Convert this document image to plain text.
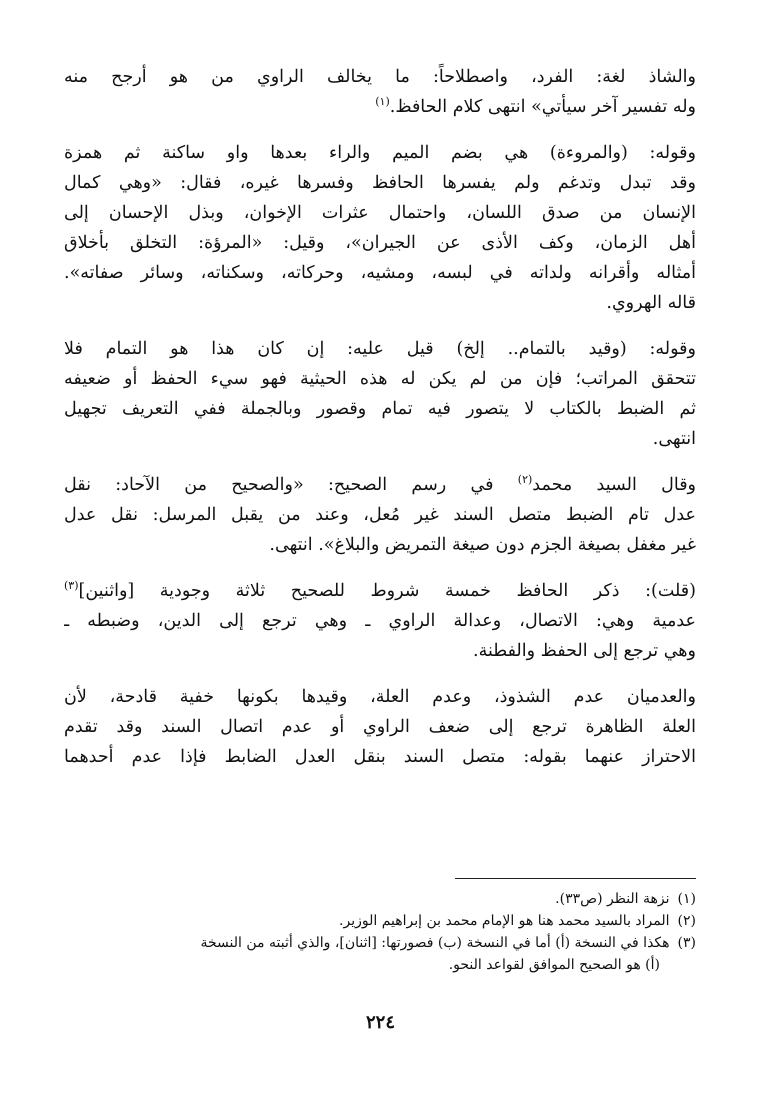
والشاذ لغة: الفرد، واصطلاحاً: ما يخالف الراوي من هو أرجح منه
وله تفسير آخر سيأتي» انتهى كلام الحافظ.$^{(١)}$

وقوله: (والمروءة) هي بضم الميم والراء بعدها واو ساكنة ثم همزة
وقد تبدل وتدغم ولم يفسرها الحافظ وفسرها غيره، فقال: «وهي كمال
الإنسان من صدق اللسان، واحتمال عثرات الإخوان، وبذل الإحسان إلى
أهل الزمان، وكف الأذى عن الجيران»، وقيل: «المرؤة: التخلق بأخلاق
أمثاله وأقرانه ولداته في لبسه، ومشيه، وحركاته، وسكناته، وسائر صفاته».
قاله الهروي.

وقوله: (وقيد بالتمام.. إلخ) قيل عليه: إن كان هذا هو التمام فلا
تتحقق المراتب؛ فإن من لم يكن له هذه الحيثية فهو سيء الحفظ أو ضعيفه
ثم الضبط بالكتاب لا يتصور فيه تمام وقصور وبالجملة ففي التعريف تجهيل
انتهى.

وقال السيد محمد$^{(٢)}$ في رسم الصحيح: «والصحيح من الآحاد: نقل
عدل تام الضبط متصل السند غير مُعل، وعند من يقبل المرسل: نقل عدل
غير مغفل بصيغة الجزم دون صيغة التمريض والبلاغ». انتهى.

(قلت): ذكر الحافظ خمسة شروط للصحيح ثلاثة وجودية [واثنين]$^{(٣)}$
عدمية وهي: الاتصال، وعدالة الراوي ـ وهي ترجع إلى الدين، وضبطه ـ
وهي ترجع إلى الحفظ والفطنة.

والعدميان عدم الشذوذ، وعدم العلة، وقيدها بكونها خفية قادحة، لأن
العلة الظاهرة ترجع إلى ضعف الراوي أو عدم اتصال السند وقد تقدم
الاحتراز عنهما بقوله: متصل السند بنقل العدل الضابط فإذا عدم أحدهما

(١)
نزهة النظر (ص٣٣).
(٢)
المراد بالسيد محمد هنا هو الإمام محمد بن إبراهيم الوزير.
(٣)
هكذا في النسخة (أ) أما في النسخة (ب) فصورتها: [اثنان]، والذي أثبته من النسخة
(أ) هو الصحيح الموافق لقواعد النحو.
٢٢٤
